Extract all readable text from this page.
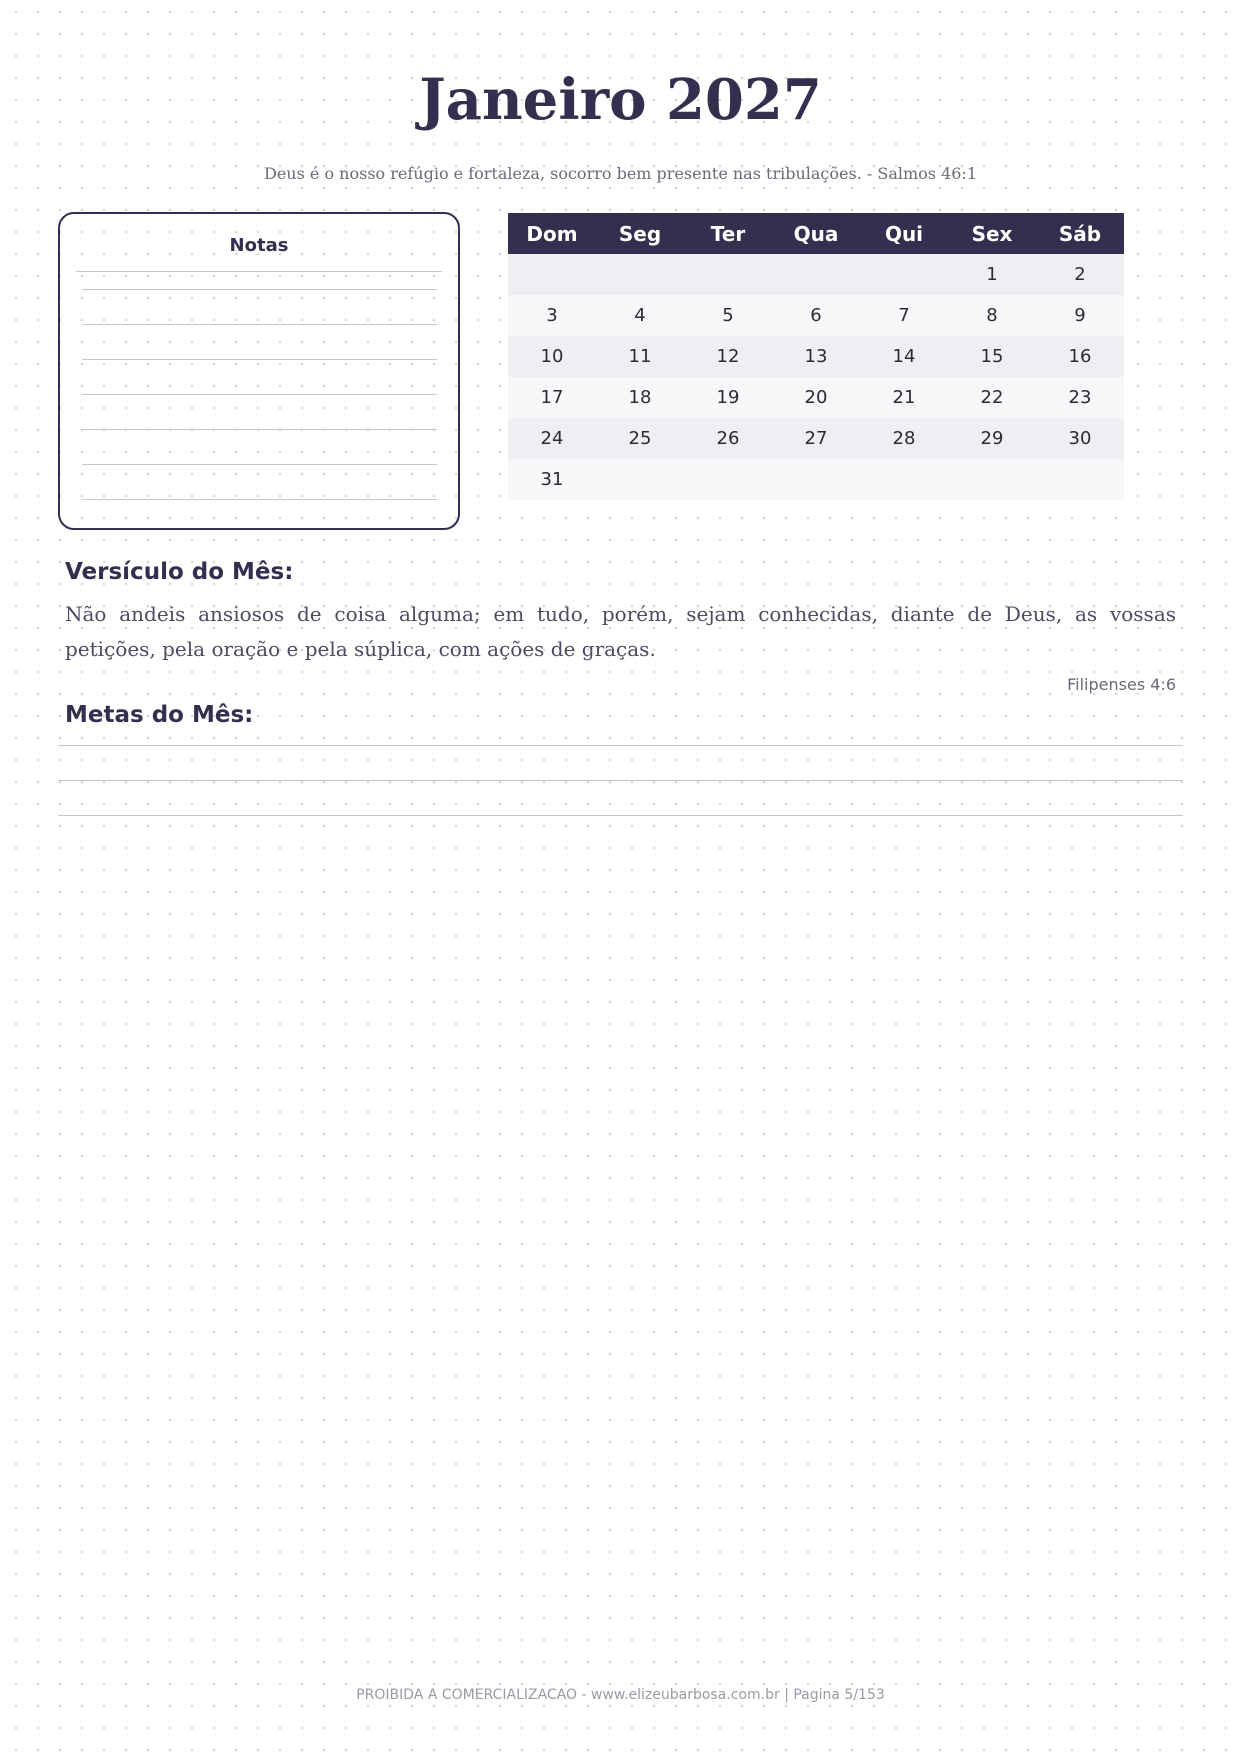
Janeiro 2027
Deus é o nosso refúgio e fortaleza, socorro bem presente nas tribulações. - Salmos 46:1
Notas	Dom	Seg	Ter	Qua	Qui	Sex	Sáb
					1	2
3	4	5	6	7	8	9
10	11	12	13	14	15	16
17	18	19	20	21	22	23
24	25	26	27	28	29	30
31						
Versículo do Mês:
Não andeis ansiosos de coisa alguma; em tudo, porém, sejam conhecidas, diante de Deus, as vossas petições, pela oração e pela súplica, com ações de graças.
Filipenses 4:6
Metas do Mês:
PROIBIDA A COMERCIALIZACAO - www.elizeubarbosa.com.br | Pagina 5/153
